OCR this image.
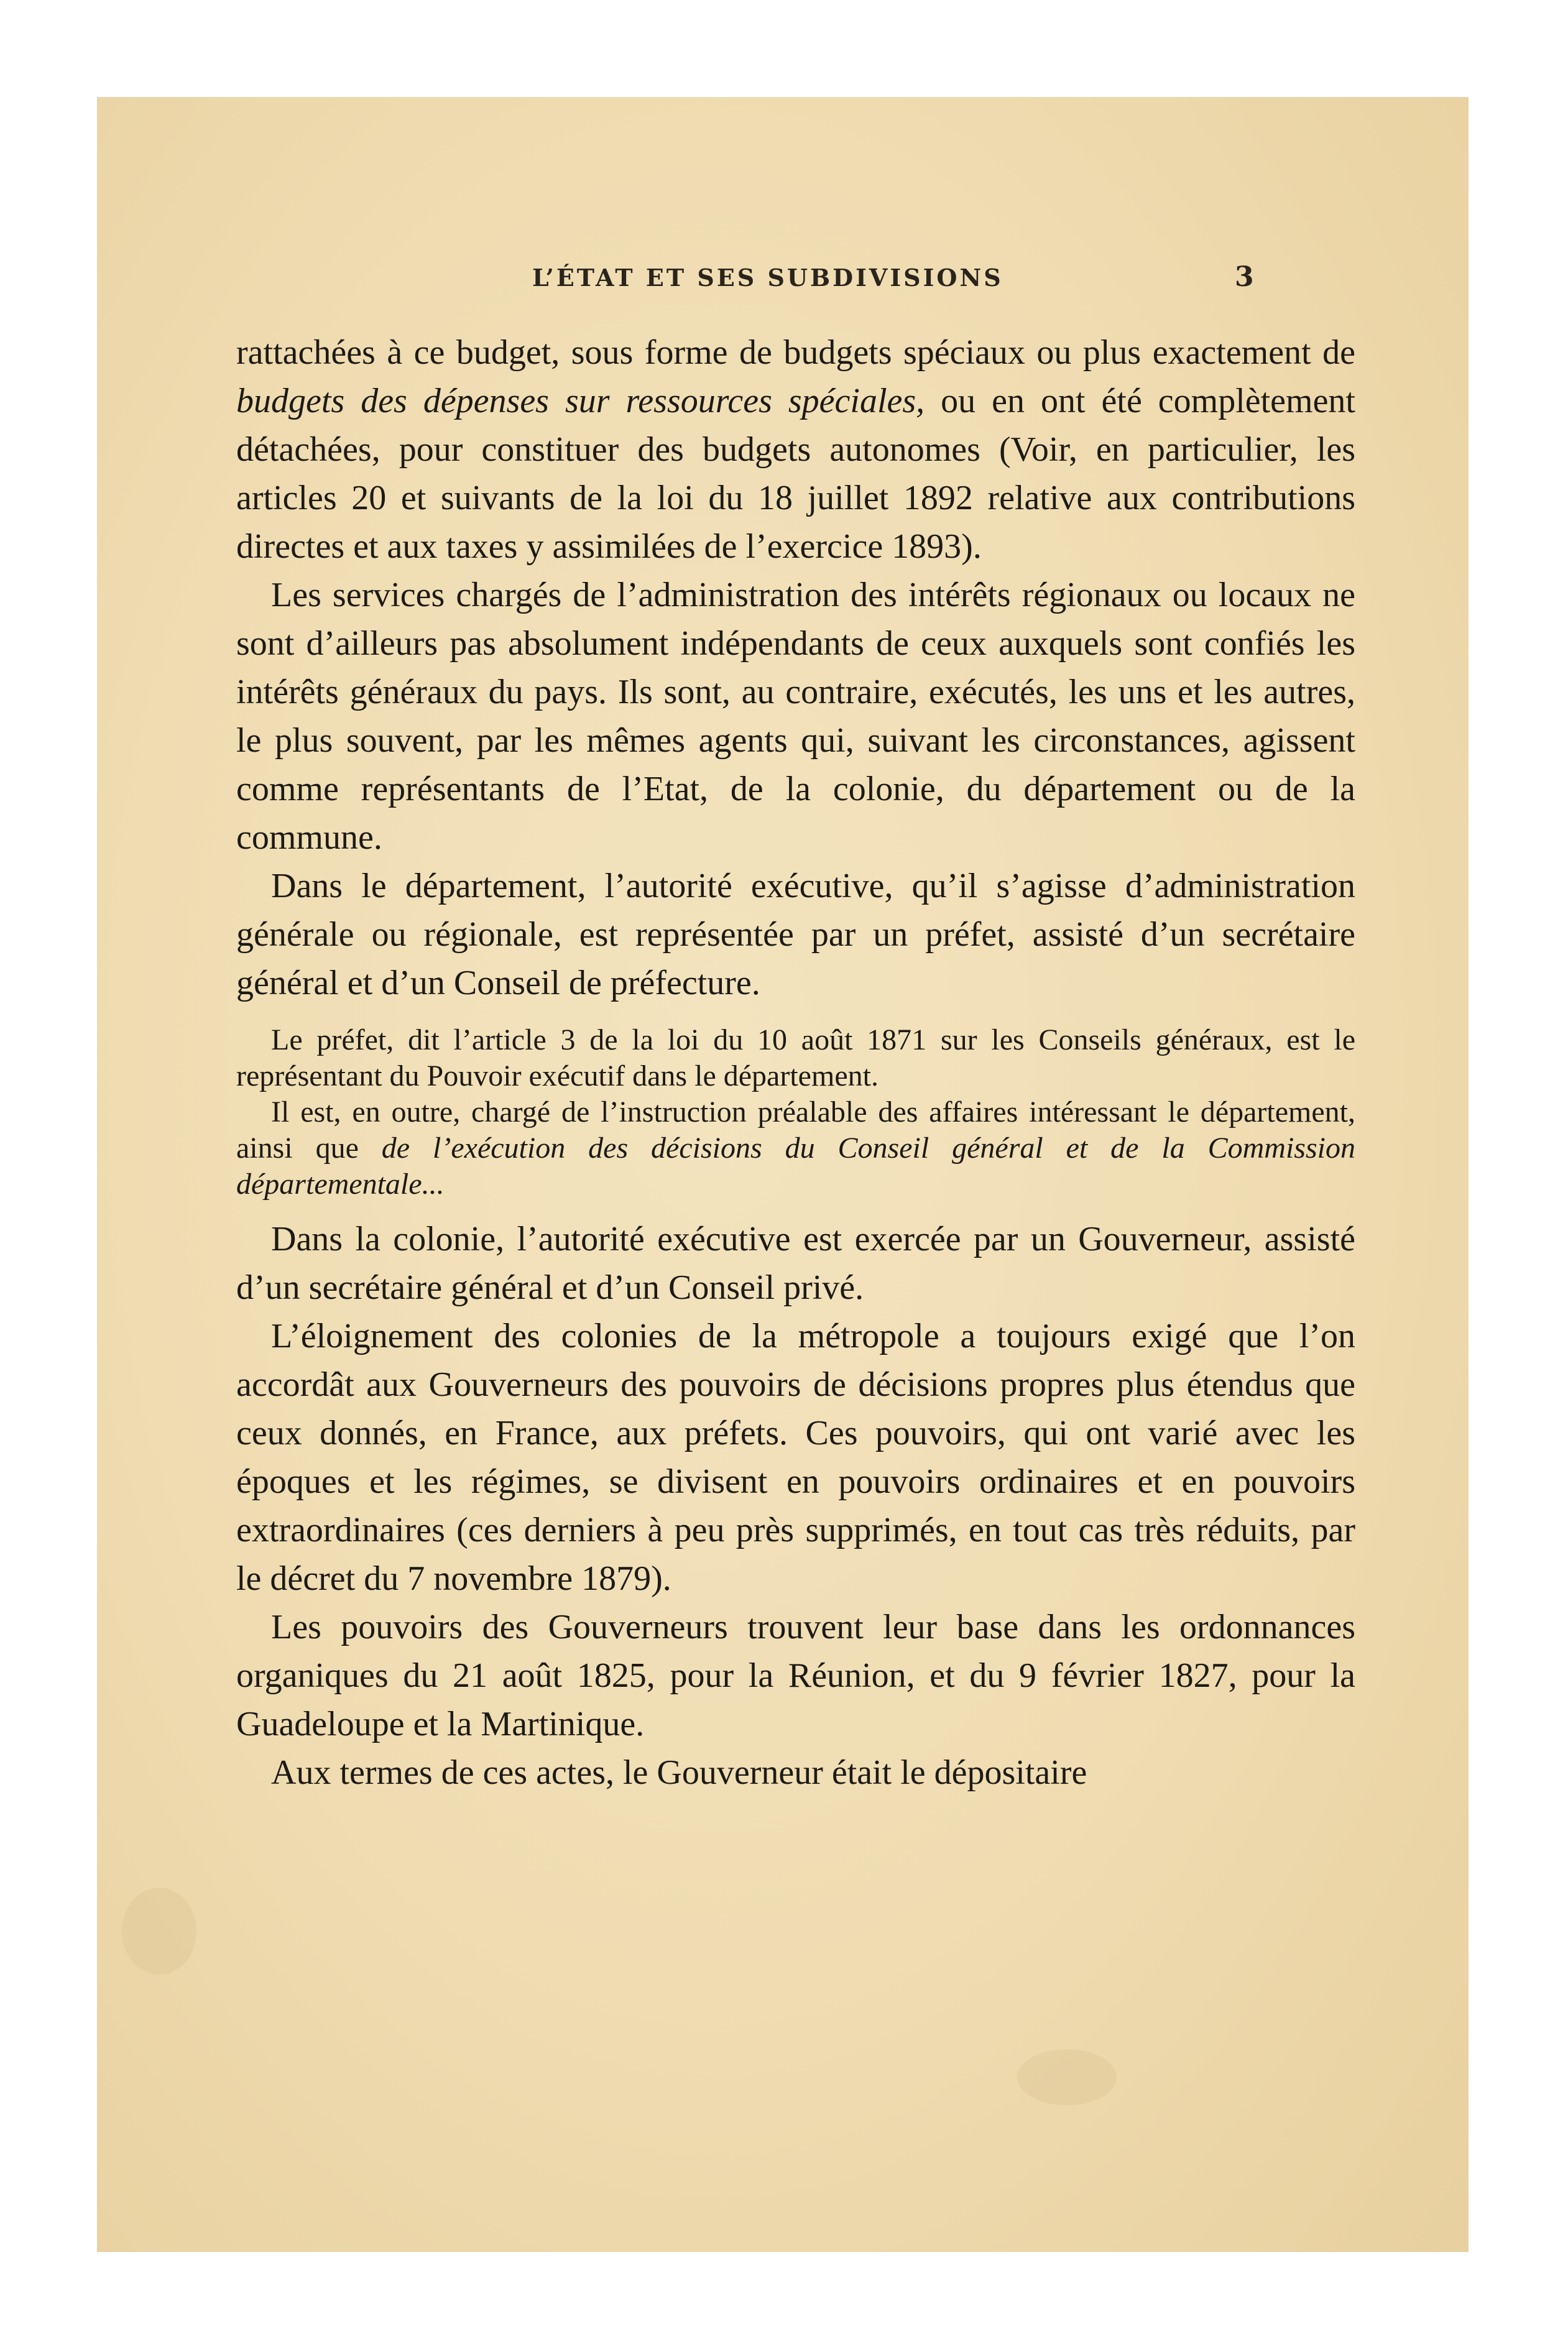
L’ÉTAT ET SES SUBDIVISIONS	3

rattachées à ce budget, sous forme de budgets spéciaux ou plus exactement de budgets des dépenses sur ressources spéciales, ou en ont été complètement détachées, pour constituer des budgets autonomes (Voir, en particulier, les articles 20 et suivants de la loi du 18 juillet 1892 relative aux contributions directes et aux taxes y assimilées de l’exercice 1893).

Les services chargés de l’administration des intérêts régionaux ou locaux ne sont d’ailleurs pas absolument indépendants de ceux auxquels sont confiés les intérêts généraux du pays. Ils sont, au contraire, exécutés, les uns et les autres, le plus souvent, par les mêmes agents qui, suivant les circonstances, agissent comme représentants de l’Etat, de la colonie, du département ou de la commune.

Dans le département, l’autorité exécutive, qu’il s’agisse d’administration générale ou régionale, est représentée par un préfet, assisté d’un secrétaire général et d’un Conseil de préfecture.

Le préfet, dit l’article 3 de la loi du 10 août 1871 sur les Conseils généraux, est le représentant du Pouvoir exécutif dans le département.

Il est, en outre, chargé de l’instruction préalable des affaires intéressant le département, ainsi que de l’exécution des décisions du Conseil général et de la Commission départementale...

Dans la colonie, l’autorité exécutive est exercée par un Gouverneur, assisté d’un secrétaire général et d’un Conseil privé.

L’éloignement des colonies de la métropole a toujours exigé que l’on accordât aux Gouverneurs des pouvoirs de décisions propres plus étendus que ceux donnés, en France, aux préfets. Ces pouvoirs, qui ont varié avec les époques et les régimes, se divisent en pouvoirs ordinaires et en pouvoirs extraordinaires (ces derniers à peu près supprimés, en tout cas très réduits, par le décret du 7 novembre 1879).

Les pouvoirs des Gouverneurs trouvent leur base dans les ordonnances organiques du 21 août 1825, pour la Réunion, et du 9 février 1827, pour la Guadeloupe et la Martinique.

Aux termes de ces actes, le Gouverneur était le dépositaire
